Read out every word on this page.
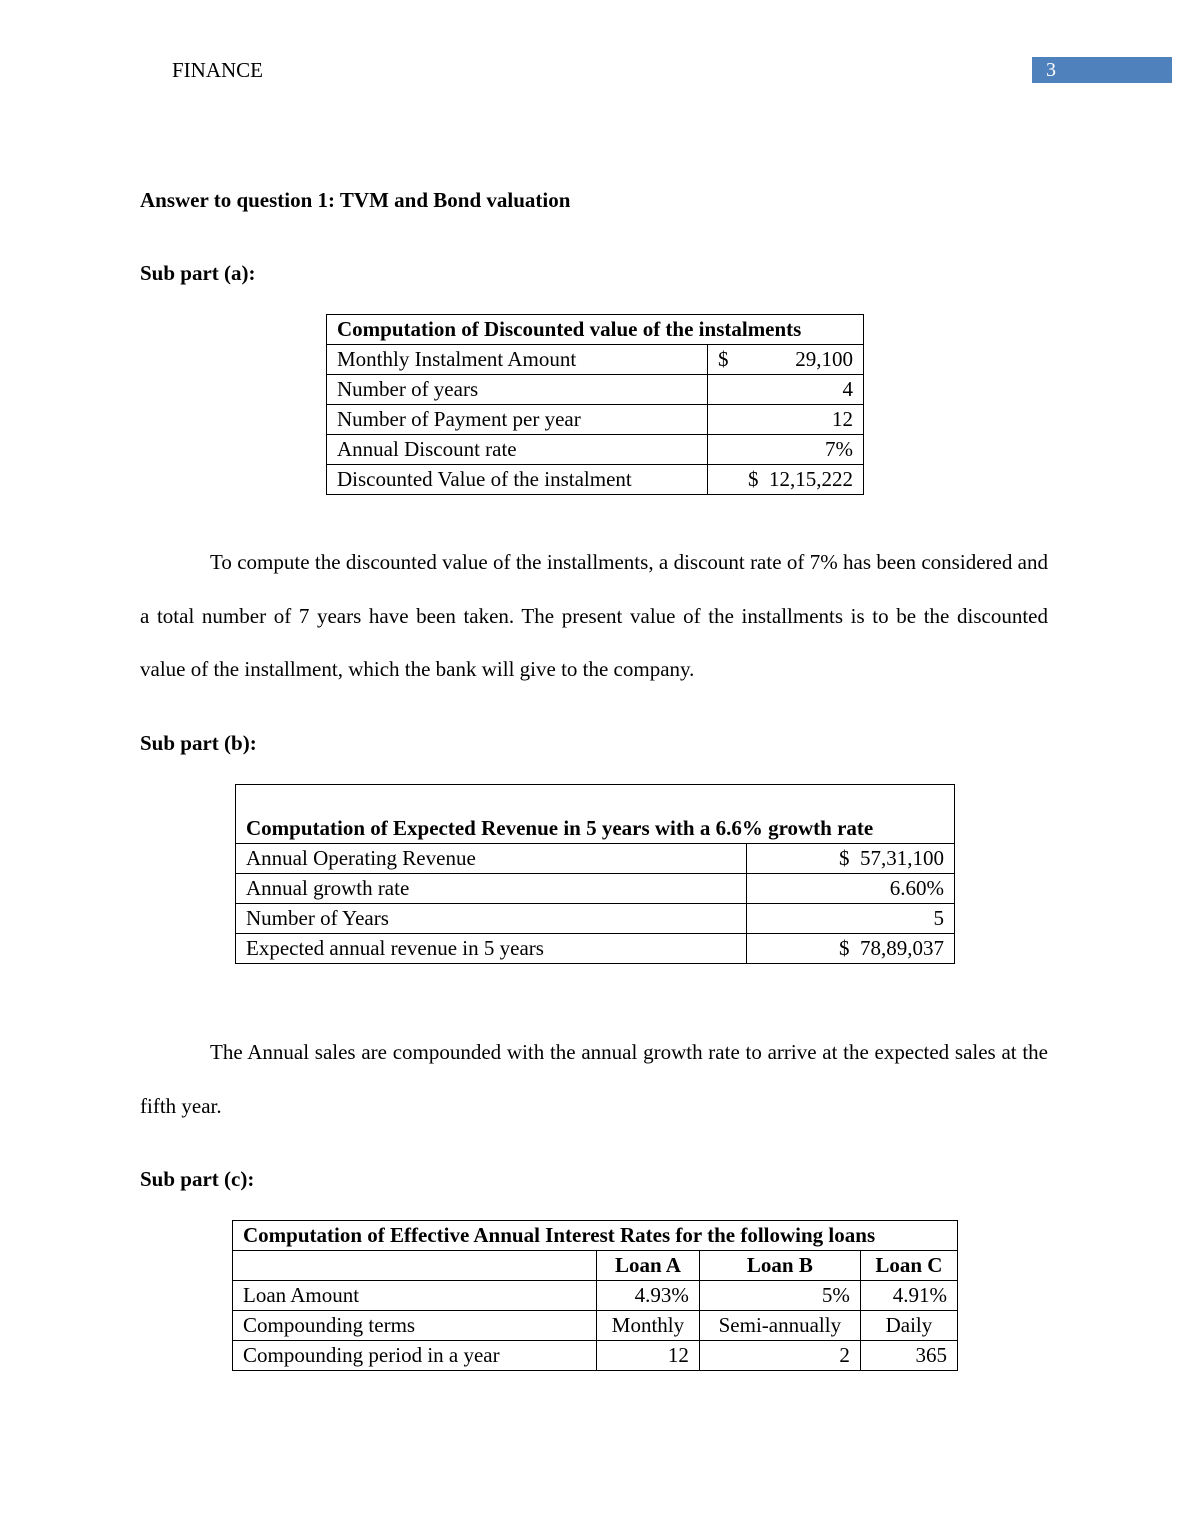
FINANCE	3
Answer to question 1: TVM and Bond valuation
Sub part (a):
Computation of Discounted value of the instalments	
Monthly Instalment Amount	$ 29,100
Number of years	4
Number of Payment per year	12
Annual Discount rate	7%
Discounted Value of the instalment	$ 12,15,222

To compute the discounted value of the installments, a discount rate of 7% has been considered and a total number of 7 years have been taken. The present value of the installments is to be the discounted value of the installment, which the bank will give to the company.

Sub part (b):
Computation of Expected Revenue in 5 years with a 6.6% growth rate	
Annual Operating Revenue	$  57,31,100
Annual growth rate	6.60%
Number of Years	5
Expected annual revenue in 5 years	$  78,89,037

The Annual sales are compounded with the annual growth rate to arrive at the expected sales at the fifth year.

Sub part (c):
Computation of Effective Annual Interest Rates for the following loans			
	Loan A	Loan B	Loan C
Loan Amount	4.93%	5%	4.91%
Compounding terms	Monthly	Semi-annually	Daily
Compounding period in a year	12	2	365
